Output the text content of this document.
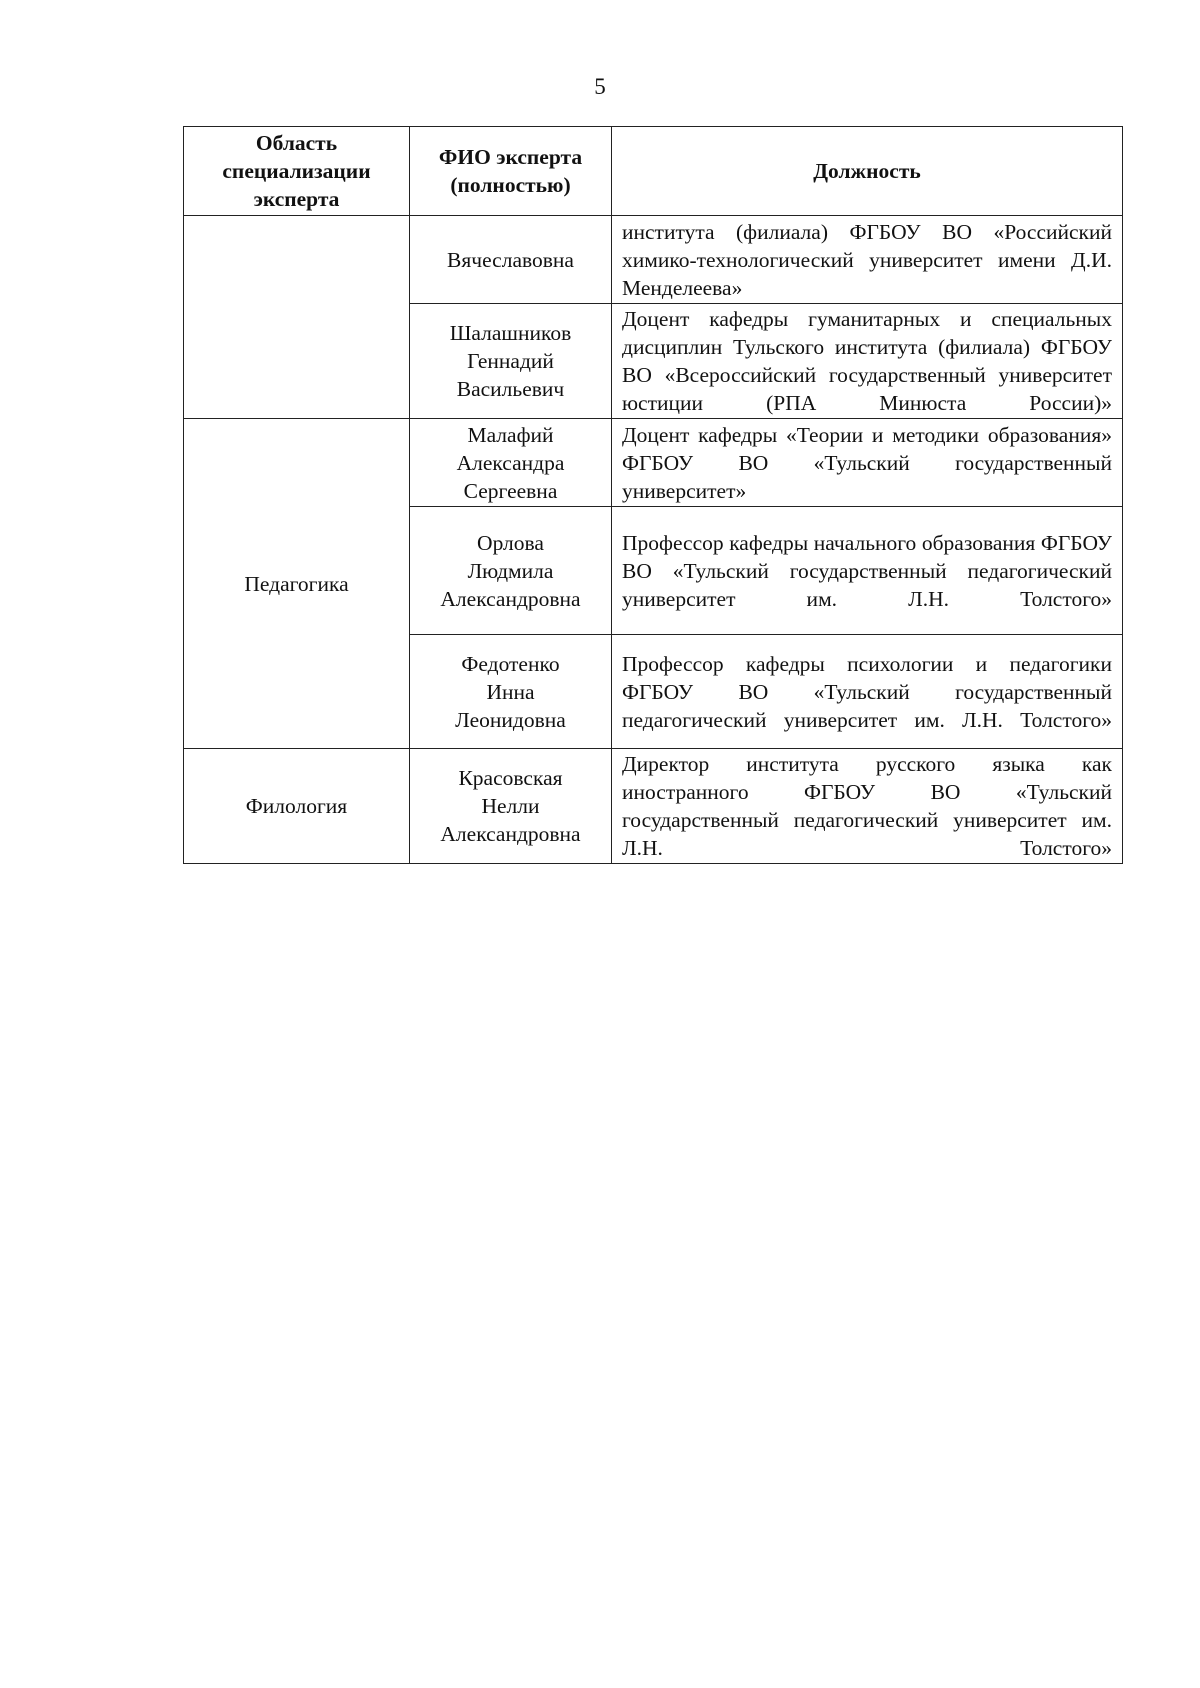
5
Область специализации эксперта	ФИО эксперта (полностью)	Должность

	Вячеславовна	института (филиала) ФГБОУ ВО «Российский химико-технологический университет имени Д.И. Менделеева»

	Шалашников
Геннадий
Васильевич	Доцент кафедры гуманитарных и специальных дисциплин Тульского института (филиала) ФГБОУ ВО «Всероссийский государственный университет юстиции (РПА Минюста России)»
Педагогика	Малафий
Александра
Сергеевна	Доцент кафедры «Теории и методики образования» ФГБОУ ВО «Тульский государственный университет»

	Орлова
Людмила
Александровна	Профессор кафедры начального образования ФГБОУ ВО «Тульский государственный педагогический университет им. Л.Н. Толстого»

	Федотенко
Инна
Леонидовна	Профессор кафедры психологии и педагогики ФГБОУ ВО «Тульский государственный педагогический университет им. Л.Н. Толстого»
Филология	Красовская
Нелли
Александровна	Директор института русского языка как иностранного ФГБОУ ВО «Тульский государственный педагогический университет им. Л.Н. Толстого»
